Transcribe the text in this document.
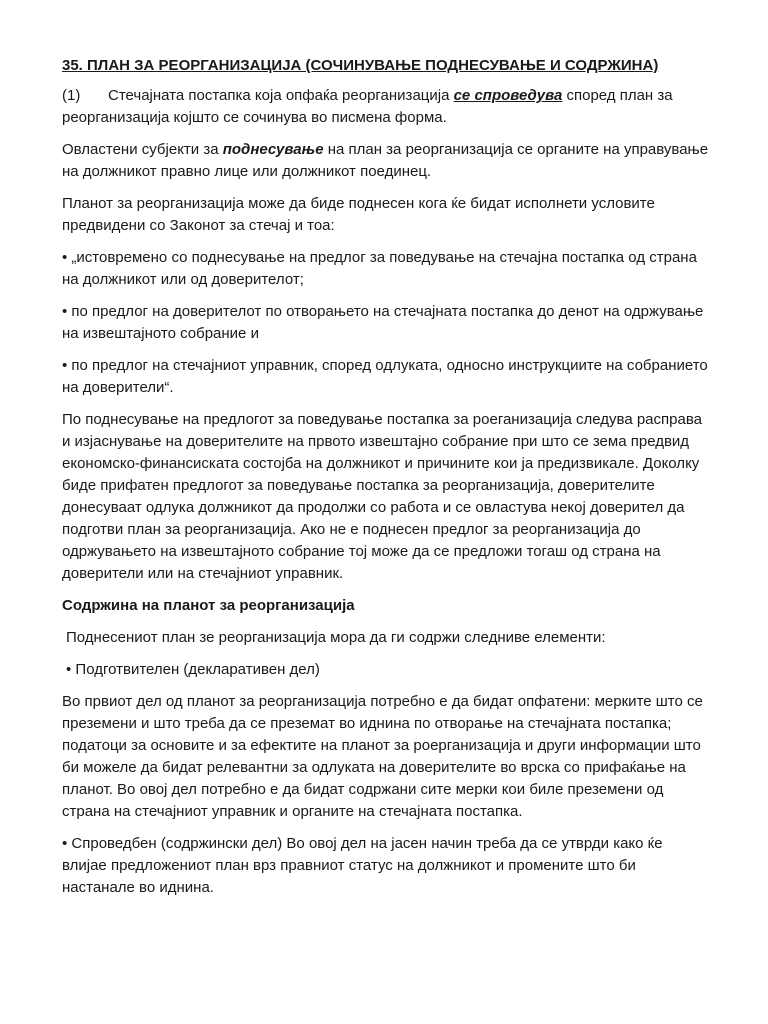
35. ПЛАН ЗА РЕОРГАНИЗАЦИЈА (СОЧИНУВАЊЕ ПОДНЕСУВАЊЕ И СОДРЖИНА)

(1) Стечајната постапка која опфаќа реорганизација се спроведува според план за реорганизација којшто се сочинува во писмена форма.

Овластени субјекти за поднесување на план за реорганизација се органите на управување на должникот правно лице или должникот поединец.

Планот за реорганизација може да биде поднесен кога ќе бидат исполнети условите предвидени со Законот за стечај и тоа:

• „истовремено со поднесување на предлог за поведување на стечајна постапка од страна на должникот или од доверителот;

• по предлог на доверителот по отворањето на стечајната постапка до денот на одржување на извештајното собрание и

• по предлог на стечајниот управник, според одлуката, односно инструкциите на собранието на доверители“.

По поднесување на предлогот за поведување постапка за роеганизација следува расправа и изјаснување на доверителите на првото извештајно собрание при што се зема предвид економско-финансиската состојба на должникот и причините кои ја предизвикале. Доколку биде прифатен предлогот за поведување постапка за реорганизација, доверителите донесуваат одлука должникот да продолжи со работа и се овластува некој доверител да подготви план за реорганизација. Ако не е поднесен предлог за реорганизација до одржувањето на извештајното собрание тој може да се предложи тогаш од страна на доверители или на стечајниот управник.

Содржина на планот за реорганизација

Поднесениот план зе реорганизација мора да ги содржи следниве елементи:

• Подготвителен (декларативен дел)

Во првиот дел од планот за реорганизација потребно е да бидат опфатени: мерките што се преземени и што треба да се преземат во иднина по отворање на стечајната постапка; податоци за основите и за ефектите на планот за роерганизација и други информации што би можеле да бидат релевантни за одлуката на доверителите во врска со прифаќање на планот. Во овој дел потребно е да бидат содржани сите мерки кои биле преземени од страна на стечајниот управник и органите на стечајната постапка.

• Спроведбен (содржински дел) Во овој дел на јасен начин треба да се утврди како ќе влијае предложениот план врз правниот статус на должникот и промените што би настанале во иднина.
